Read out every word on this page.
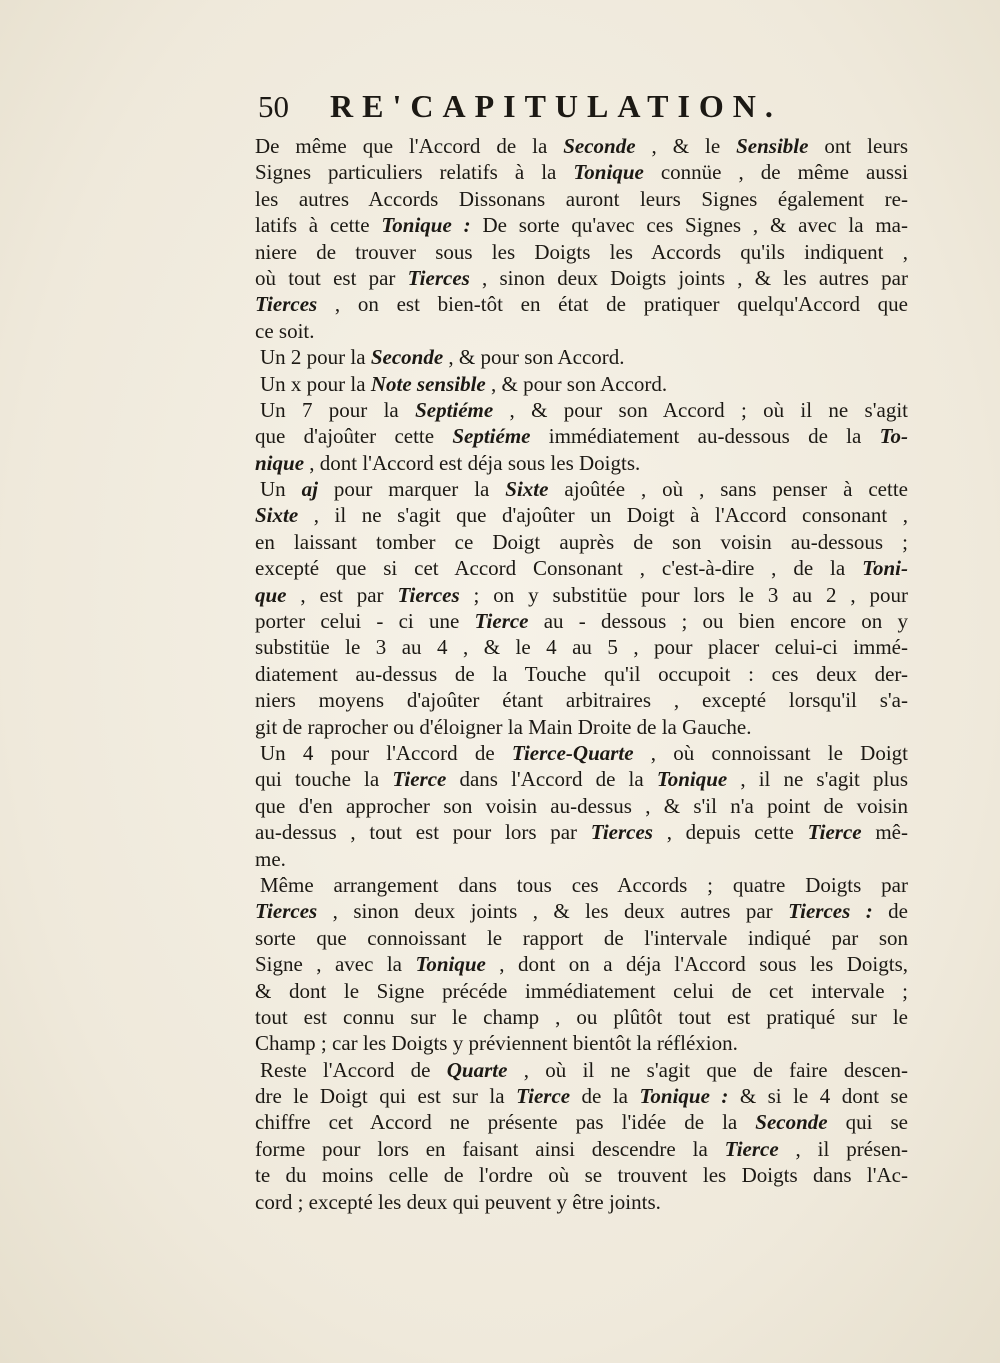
50	RE'CAPITULATION.
De même que l'Accord de la Seconde , & le Sensible ont leurs
Signes particuliers relatifs à la Tonique connüe , de même aussi
les autres Accords Dissonans auront leurs Signes également re-
latifs à cette Tonique : De sorte qu'avec ces Signes , & avec la ma-
niere de trouver sous les Doigts les Accords qu'ils indiquent ,
où tout est par Tierces , sinon deux Doigts joints , & les autres par
Tierces , on est bien-tôt en état de pratiquer quelqu'Accord que
ce soit.
Un 2 pour la Seconde , & pour son Accord.
Un x pour la Note sensible , & pour son Accord.
Un 7 pour la Septiéme , & pour son Accord ; où il ne s'agit
que d'ajoûter cette Septiéme immédiatement au-dessous de la To-
nique , dont l'Accord est déja sous les Doigts.
Un aj pour marquer la Sixte ajoûtée , où , sans penser à cette
Sixte , il ne s'agit que d'ajoûter un Doigt à l'Accord consonant ,
en laissant tomber ce Doigt auprès de son voisin au-dessous ;
excepté que si cet Accord Consonant , c'est-à-dire , de la Toni-
que , est par Tierces ; on y substitüe pour lors le 3 au 2 , pour
porter celui - ci une Tierce au - dessous ; ou bien encore on y
substitüe le 3 au 4 , & le 4 au 5 , pour placer celui-ci immé-
diatement au-dessus de la Touche qu'il occupoit : ces deux der-
niers moyens d'ajoûter étant arbitraires , excepté lorsqu'il s'a-
git de raprocher ou d'éloigner la Main Droite de la Gauche.
Un 4 pour l'Accord de Tierce-Quarte , où connoissant le Doigt
qui touche la Tierce dans l'Accord de la Tonique , il ne s'agit plus
que d'en approcher son voisin au-dessus , & s'il n'a point de voisin
au-dessus , tout est pour lors par Tierces , depuis cette Tierce mê-
me.
Même arrangement dans tous ces Accords ; quatre Doigts par
Tierces , sinon deux joints , & les deux autres par Tierces : de
sorte que connoissant le rapport de l'intervale indiqué par son
Signe , avec la Tonique , dont on a déja l'Accord sous les Doigts,
& dont le Signe précéde immédiatement celui de cet intervale ;
tout est connu sur le champ , ou plûtôt tout est pratiqué sur le
Champ ; car les Doigts y préviennent bientôt la réfléxion.
Reste l'Accord de Quarte , où il ne s'agit que de faire descen-
dre le Doigt qui est sur la Tierce de la Tonique : & si le 4 dont se
chiffre cet Accord ne présente pas l'idée de la Seconde qui se
forme pour lors en faisant ainsi descendre la Tierce , il présen-
te du moins celle de l'ordre où se trouvent les Doigts dans l'Ac-
cord ; excepté les deux qui peuvent y être joints.
